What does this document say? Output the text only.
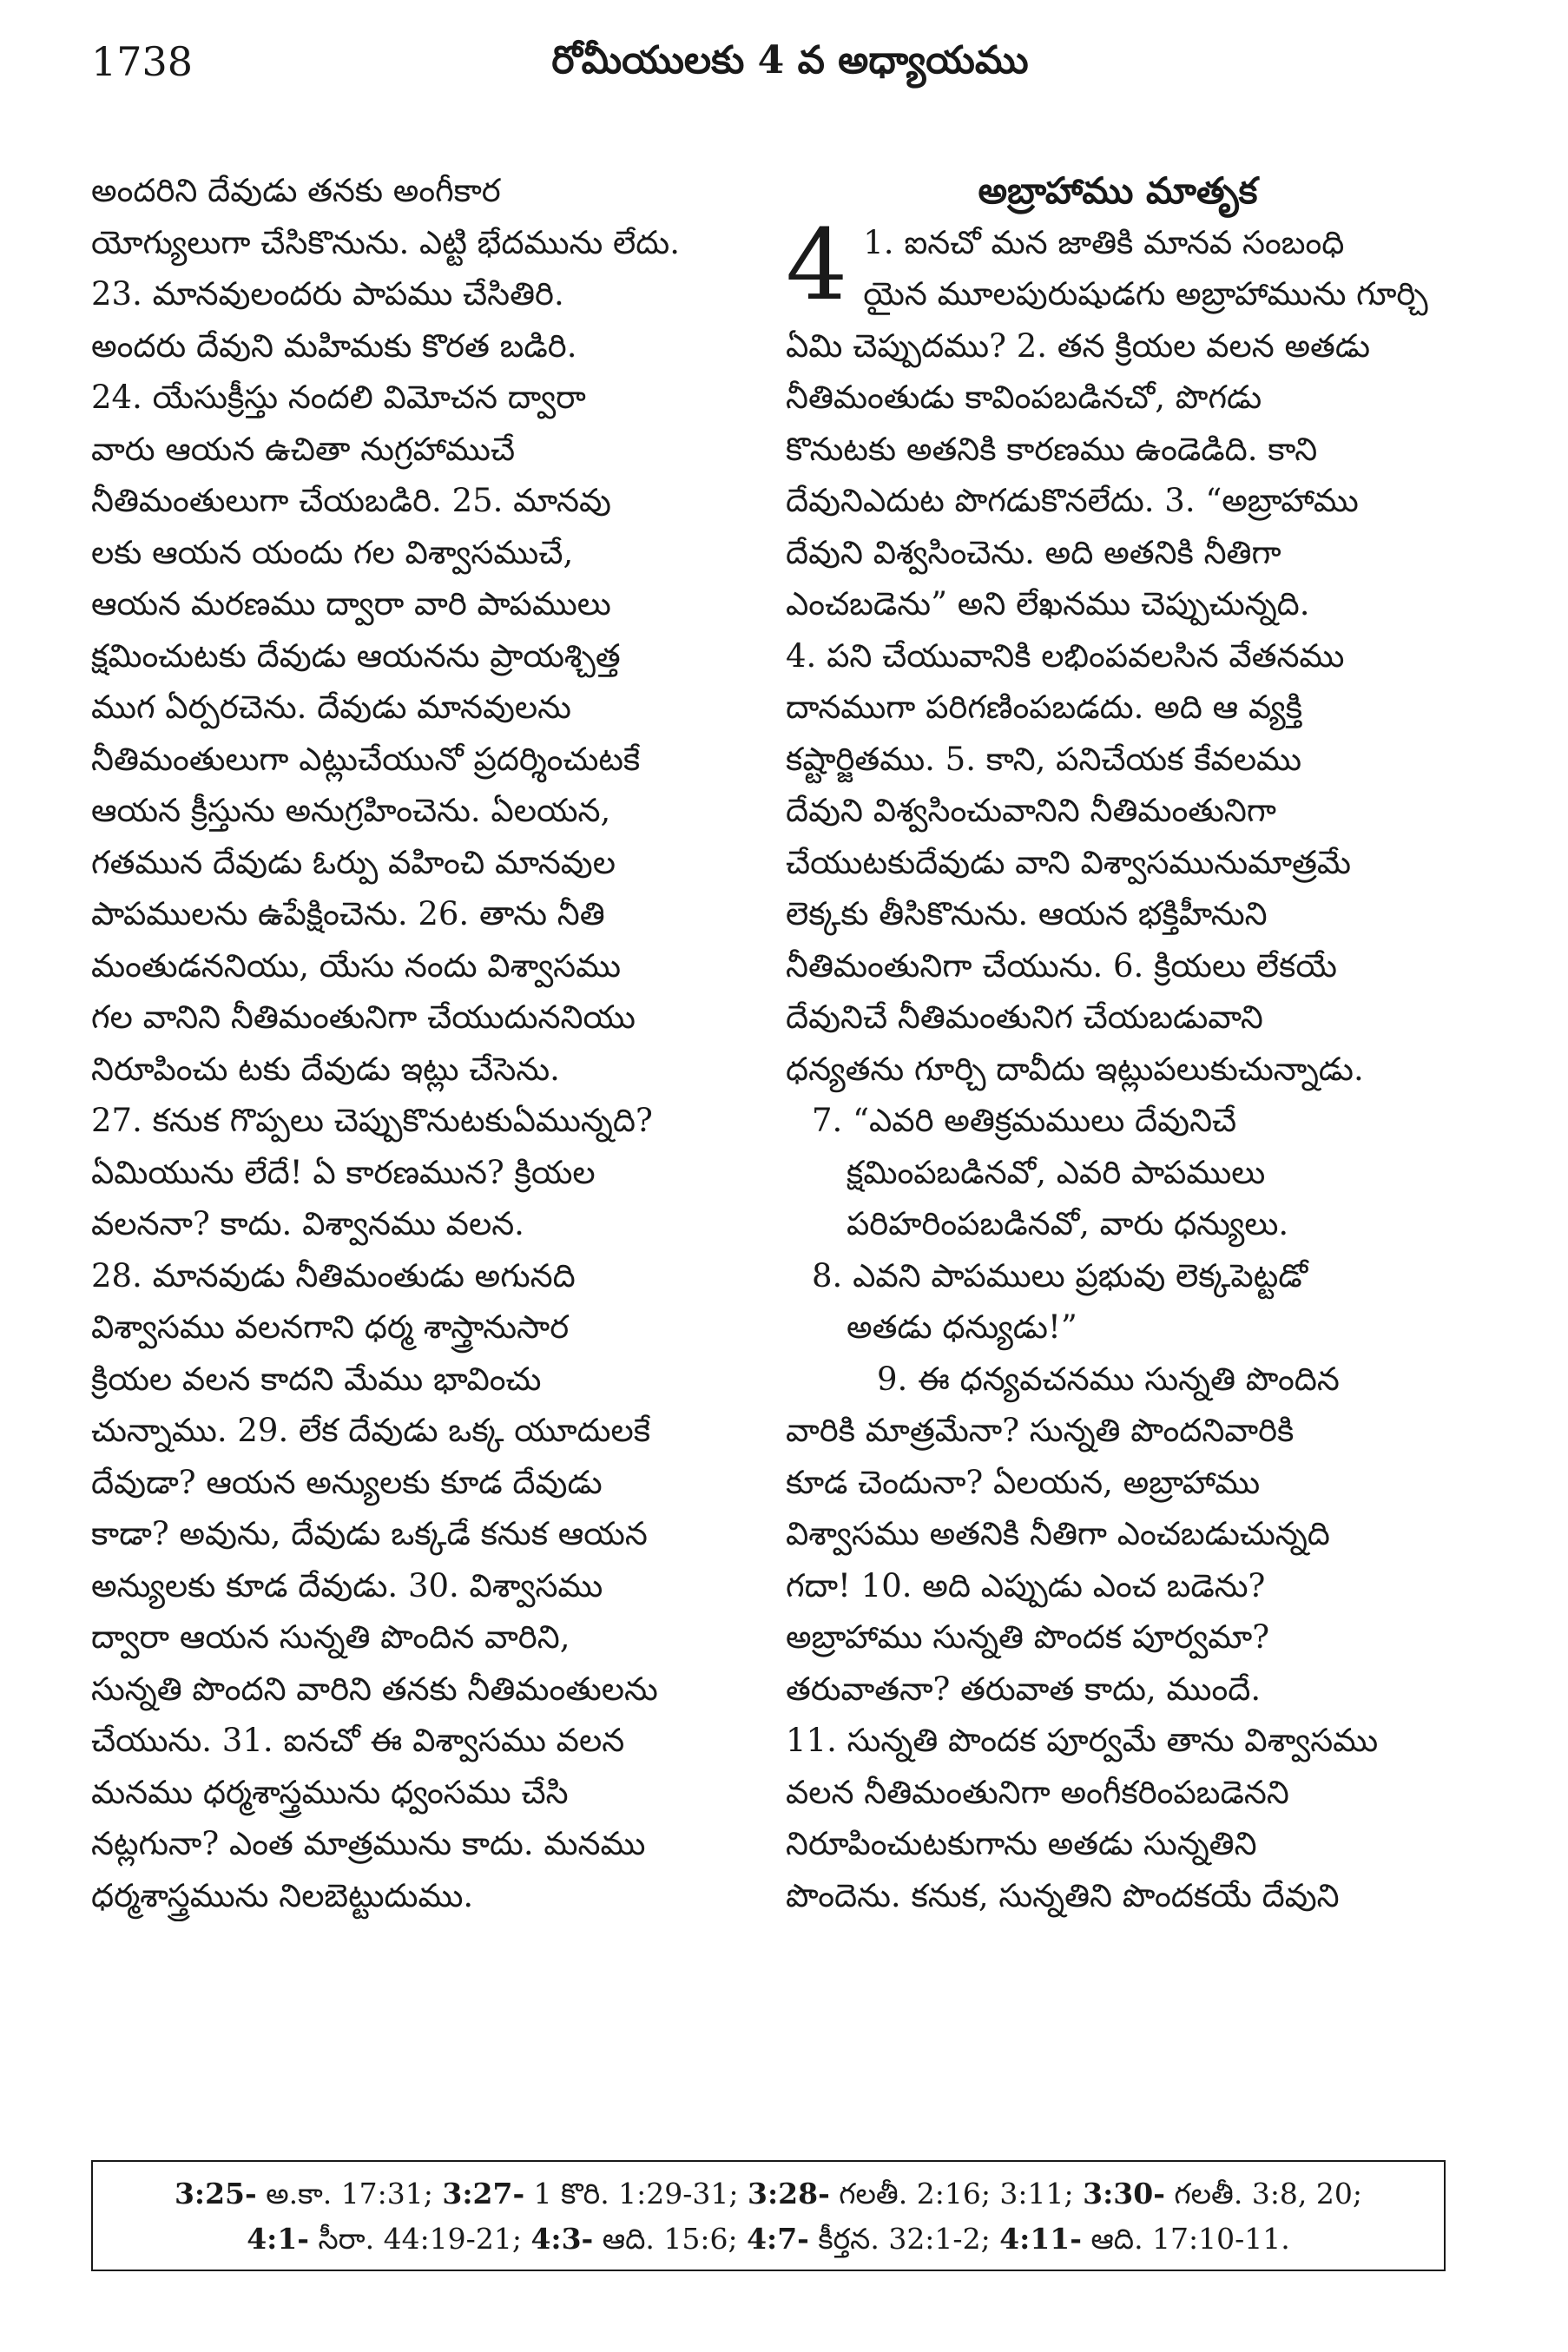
1738	రోమీయులకు 4 వ అధ్యాయము
అందరిని దేవుడు తనకు అంగీకార
యోగ్యులుగా చేసికొనును. ఎట్టి భేదమును లేదు.
23. మానవులందరు పాపము చేసితిరి.
అందరు దేవుని మహిమకు కొరత బడిరి.
24. యేసుక్రీస్తు నందలి విమోచన ద్వారా
వారు ఆయన ఉచితా నుగ్రహాముచే
నీతిమంతులుగా చేయబడిరి. 25. మానవు
లకు ఆయన యందు గల విశ్వాసముచే,
ఆయన మరణము ద్వారా వారి పాపములు
క్షమించుటకు దేవుడు ఆయనను ప్రాయశ్చిత్త
ముగ ఏర్పరచెను. దేవుడు మానవులను
నీతిమంతులుగా ఎట్లుచేయునో ప్రదర్శించుటకే
ఆయన క్రీస్తును అనుగ్రహించెను. ఏలయన,
గతమున దేవుడు ఓర్పు వహించి మానవుల
పాపములను ఉపేక్షించెను. 26. తాను నీతి
మంతుడననియు, యేసు నందు విశ్వాసము
గల వానిని నీతిమంతునిగా చేయుదుననియు
నిరూపించు టకు దేవుడు ఇట్లు చేసెను.
27. కనుక గొప్పలు చెప్పుకొనుటకుఏమున్నది?
ఏమియును లేదే! ఏ కారణమున? క్రియల
వలననా? కాదు. విశ్వానము వలన.
28. మానవుడు నీతిమంతుడు అగునది
విశ్వాసము వలనగాని ధర్మ శాస్త్రానుసార
క్రియల వలన కాదని మేము భావించు
చున్నాము. 29. లేక దేవుడు ఒక్క యూదులకే
దేవుడా? ఆయన అన్యులకు కూడ దేవుడు
కాడా? అవును, దేవుడు ఒక్కడే కనుక ఆయన
అన్యులకు కూడ దేవుడు. 30. విశ్వాసము
ద్వారా ఆయన సున్నతి పొందిన వారిని,
సున్నతి పొందని వారిని తనకు నీతిమంతులను
చేయును. 31. ఐనచో ఈ విశ్వాసము వలన
మనము ధర్మశాస్త్రమును ధ్వంసము చేసి
నట్లగునా? ఎంత మాత్రమును కాదు. మనము
ధర్మశాస్త్రమును నిలబెట్టుదుము.
అబ్రాహాము మాతృక
4 1. ఐనచో మన జాతికి మానవ సంబంధి
యైన మూలపురుషుడగు అబ్రాహామును గూర్చి
ఏమి చెప్పుదము? 2. తన క్రియల వలన అతడు
నీతిమంతుడు కావింపబడినచో, పొగడు
కొనుటకు అతనికి కారణము ఉండెడిది. కాని
దేవునిఎదుట పొగడుకొనలేదు. 3. “అబ్రాహాము
దేవుని విశ్వసించెను. అది అతనికి నీతిగా
ఎంచబడెను” అని లేఖనము చెప్పుచున్నది.
4. పని చేయువానికి లభింపవలసిన వేతనము
దానముగా పరిగణింపబడదు. అది ఆ వ్యక్తి
కష్టార్జితము. 5. కాని, పనిచేయక కేవలము
దేవుని విశ్వసించువానిని నీతిమంతునిగా
చేయుటకుదేవుడు వాని విశ్వాసమునుమాత్రమే
లెక్కకు తీసికొనును. ఆయన భక్తిహీనుని
నీతిమంతునిగా చేయును. 6. క్రియలు లేకయే
దేవునిచే నీతిమంతునిగ చేయబడువాని
ధన్యతను గూర్చి దావీదు ఇట్లుపలుకుచున్నాడు.
7. “ఎవరి అతిక్రమములు దేవునిచే
క్షమింపబడినవో, ఎవరి పాపములు
పరిహరింపబడినవో, వారు ధన్యులు.
8. ఎవని పాపములు ప్రభువు లెక్కపెట్టడో
అతడు ధన్యుడు!”
9. ఈ ధన్యవచనము సున్నతి పొందిన
వారికి మాత్రమేనా? సున్నతి పొందనివారికి
కూడ చెందునా? ఏలయన, అబ్రాహాము
విశ్వాసము అతనికి నీతిగా ఎంచబడుచున్నది
గదా! 10. అది ఎప్పుడు ఎంచ బడెను?
అబ్రాహాము సున్నతి పొందక పూర్వమా?
తరువాతనా? తరువాత కాదు, ముందే.
11. సున్నతి పొందక పూర్వమే తాను విశ్వాసము
వలన నీతిమంతునిగా అంగీకరింపబడెనని
నిరూపించుటకుగాను అతడు సున్నతిని
పొందెను. కనుక, సున్నతిని పొందకయే దేవుని
3:25- అ.కా. 17:31; 3:27- 1 కొరి. 1:29-31; 3:28- గలతీ. 2:16; 3:11; 3:30- గలతీ. 3:8, 20;
4:1- సీరా. 44:19-21; 4:3- ఆది. 15:6; 4:7- కీర్తన. 32:1-2; 4:11- ఆది. 17:10-11.
